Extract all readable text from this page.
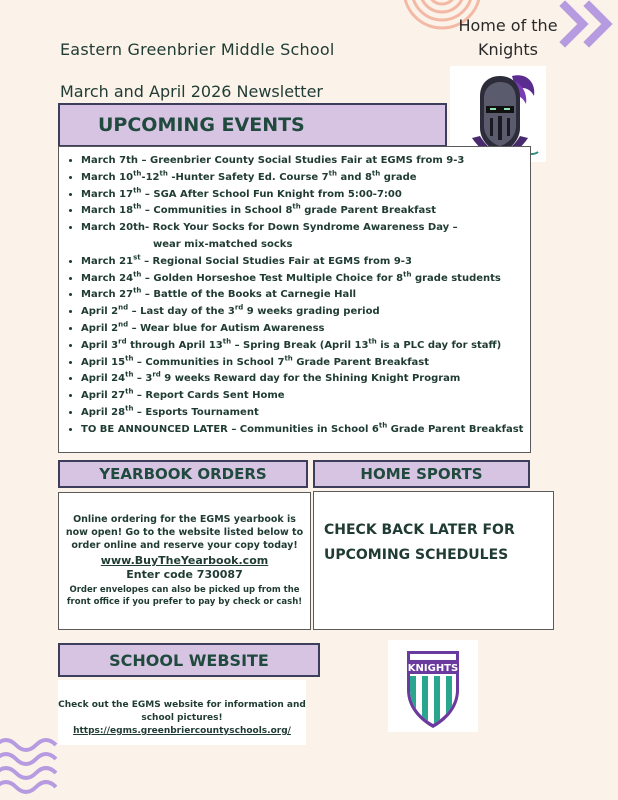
Eastern Greenbrier Middle School
March and April 2026 Newsletter
Home of the
Knights
UPCOMING EVENTS
• March 7th – Greenbrier County Social Studies Fair at EGMS from 9-3
• March 10th-12th -Hunter Safety Ed. Course 7th and 8th grade
• March 17th – SGA After School Fun Knight from 5:00-7:00
• March 18th – Communities in School 8th grade Parent Breakfast
• March 20th- Rock Your Socks for Down Syndrome Awareness Day –
wear mix-matched socks
• March 21st – Regional Social Studies Fair at EGMS from 9-3
• March 24th – Golden Horseshoe Test Multiple Choice for 8th grade students
• March 27th – Battle of the Books at Carnegie Hall
• April 2nd – Last day of the 3rd 9 weeks grading period
• April 2nd – Wear blue for Autism Awareness
• April 3rd through April 13th – Spring Break (April 13th is a PLC day for staff)
• April 15th – Communities in School 7th Grade Parent Breakfast
• April 24th – 3rd 9 weeks Reward day for the Shining Knight Program
• April 27th – Report Cards Sent Home
• April 28th – Esports Tournament
• TO BE ANNOUNCED LATER – Communities in School 6th Grade Parent Breakfast
YEARBOOK ORDERS
Online ordering for the EGMS yearbook is now open! Go to the website listed below to order online and reserve your copy today!
www.BuyTheYearbook.com
Enter code 730087
Order envelopes can also be picked up from the front office if you prefer to pay by check or cash!
HOME SPORTS
CHECK BACK LATER FOR
UPCOMING SCHEDULES
SCHOOL WEBSITE
Check out the EGMS website for information and school pictures!
https://egms.greenbriercountyschools.org/
KNIGHTS
